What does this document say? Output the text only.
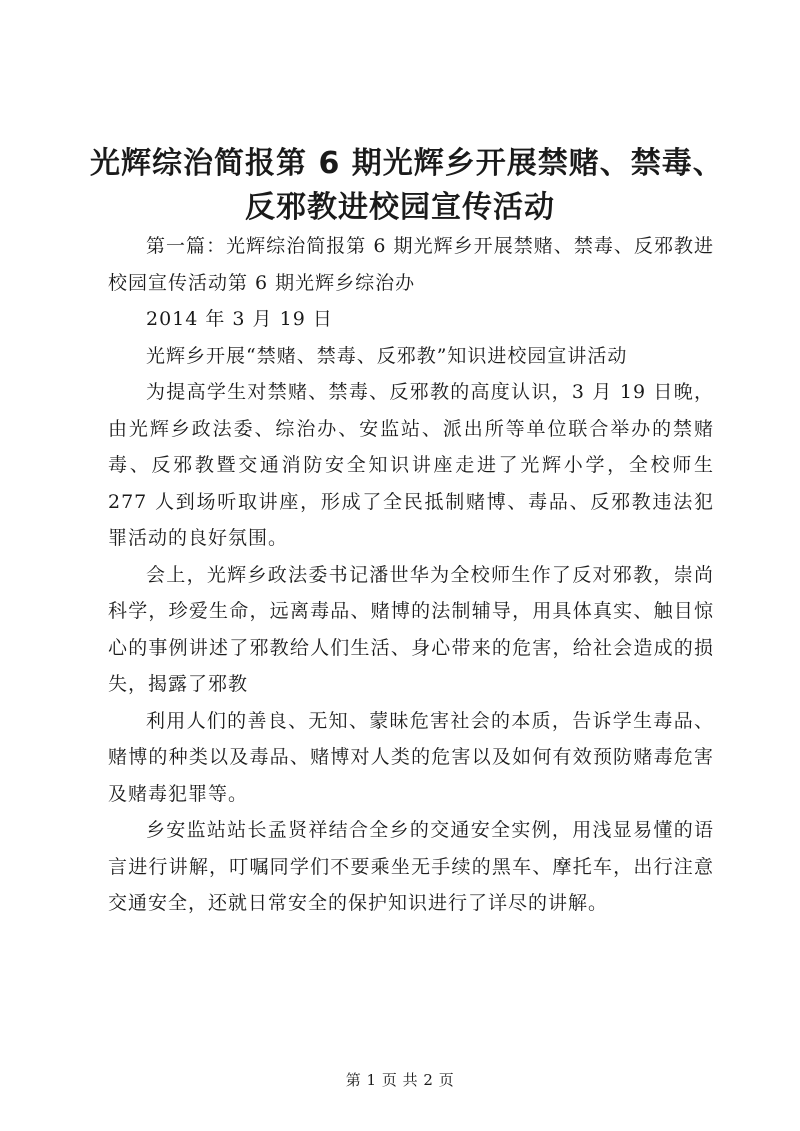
光辉综治简报第 6 期光辉乡开展禁赌、禁毒、
反邪教进校园宣传活动

第一篇：光辉综治简报第 6 期光辉乡开展禁赌、禁毒、反邪教进校园宣传活动第 6 期光辉乡综治办

2014 年 3 月 19 日

光辉乡开展“禁赌、禁毒、反邪教”知识进校园宣讲活动

为提高学生对禁赌、禁毒、反邪教的高度认识，3 月 19 日晚，由光辉乡政法委、综治办、安监站、派出所等单位联合举办的禁赌毒、反邪教暨交通消防安全知识讲座走进了光辉小学，全校师生 277 人到场听取讲座，形成了全民抵制赌博、毒品、反邪教违法犯罪活动的良好氛围。

会上，光辉乡政法委书记潘世华为全校师生作了反对邪教，崇尚科学，珍爱生命，远离毒品、赌博的法制辅导，用具体真实、触目惊心的事例讲述了邪教给人们生活、身心带来的危害，给社会造成的损失，揭露了邪教

利用人们的善良、无知、蒙昧危害社会的本质，告诉学生毒品、赌博的种类以及毒品、赌博对人类的危害以及如何有效预防赌毒危害及赌毒犯罪等。

乡安监站站长孟贤祥结合全乡的交通安全实例，用浅显易懂的语言进行讲解，叮嘱同学们不要乘坐无手续的黑车、摩托车，出行注意交通安全，还就日常安全的保护知识进行了详尽的讲解。

第 1 页 共 2 页
